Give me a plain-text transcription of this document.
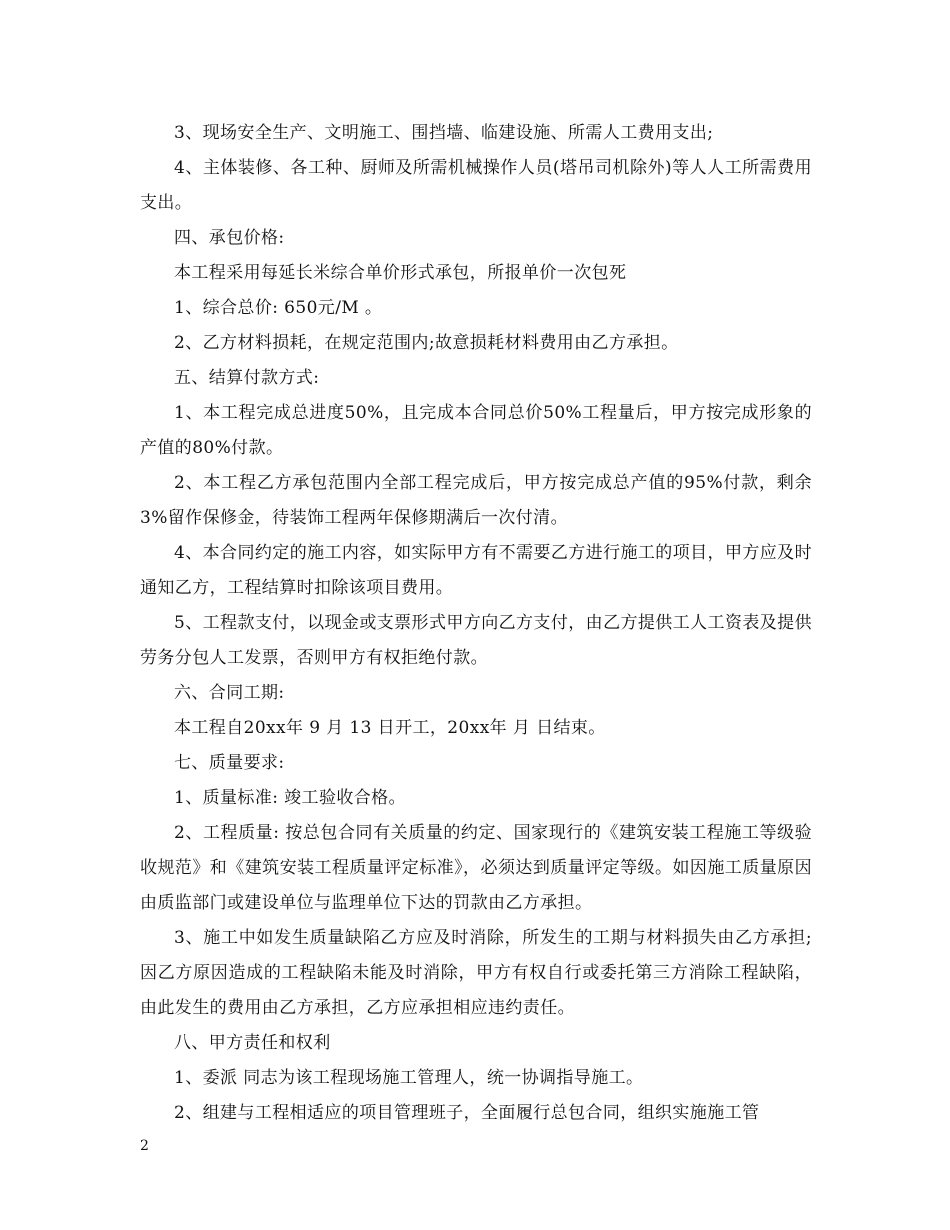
3、现场安全生产、文明施工、围挡墙、临建设施、所需人工费用支出;

4、主体装修、各工种、厨师及所需机械操作人员(塔吊司机除外)等人人工所需费用支出。

四、承包价格:

本工程采用每延长米综合单价形式承包，所报单价一次包死

1、综合总价: 650元/M 。

2、乙方材料损耗，在规定范围内;故意损耗材料费用由乙方承担。

五、结算付款方式:

1、本工程完成总进度50%，且完成本合同总价50%工程量后，甲方按完成形象的产值的80%付款。

2、本工程乙方承包范围内全部工程完成后，甲方按完成总产值的95%付款，剩余3%留作保修金，待装饰工程两年保修期满后一次付清。

4、本合同约定的施工内容，如实际甲方有不需要乙方进行施工的项目，甲方应及时通知乙方，工程结算时扣除该项目费用。

5、工程款支付，以现金或支票形式甲方向乙方支付，由乙方提供工人工资表及提供劳务分包人工发票，否则甲方有权拒绝付款。

六、合同工期:

本工程自20xx年 9 月 13 日开工，20xx年 月 日结束。

七、质量要求:

1、质量标准: 竣工验收合格。

2、工程质量: 按总包合同有关质量的约定、国家现行的《建筑安装工程施工等级验收规范》和《建筑安装工程质量评定标准》，必须达到质量评定等级。如因施工质量原因由质监部门或建设单位与监理单位下达的罚款由乙方承担。

3、施工中如发生质量缺陷乙方应及时消除，所发生的工期与材料损失由乙方承担;因乙方原因造成的工程缺陷未能及时消除，甲方有权自行或委托第三方消除工程缺陷，由此发生的费用由乙方承担，乙方应承担相应违约责任。

八、甲方责任和权利

1、委派 同志为该工程现场施工管理人，统一协调指导施工。

2、组建与工程相适应的项目管理班子，全面履行总包合同，组织实施施工管

2
